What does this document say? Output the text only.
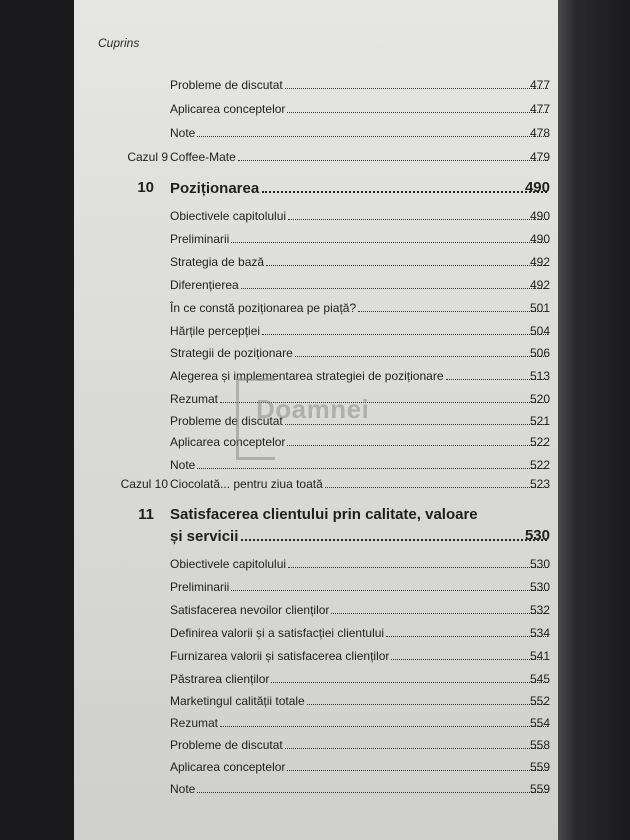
Cuprins
Probleme de discutat	477
Aplicarea conceptelor	477
Note	478
Cazul 9 Coffee-Mate	479
10 Poziționarea	490
Obiectivele capitolului	490
Preliminarii	490
Strategia de bază	492
Diferențierea	492
În ce constă poziționarea pe piață?	501
Hărțile percepției	504
Strategii de poziționare	506
Alegerea și implementarea strategiei de poziționare	513
Rezumat	520
Probleme de discutat	521
Aplicarea conceptelor	522
Note	522
Cazul 10 Ciocolată... pentru ziua toată	523
11 Satisfacerea clientului prin calitate, valoare
și servicii	530
Obiectivele capitolului	530
Preliminarii	530
Satisfacerea nevoilor clienților	532
Definirea valorii și a satisfacției clientului	534
Furnizarea valorii și satisfacerea clienților	541
Păstrarea clienților	545
Marketingul calității totale	552
Rezumat	554
Probleme de discutat	558
Aplicarea conceptelor	559
Note	559
Doamnei
